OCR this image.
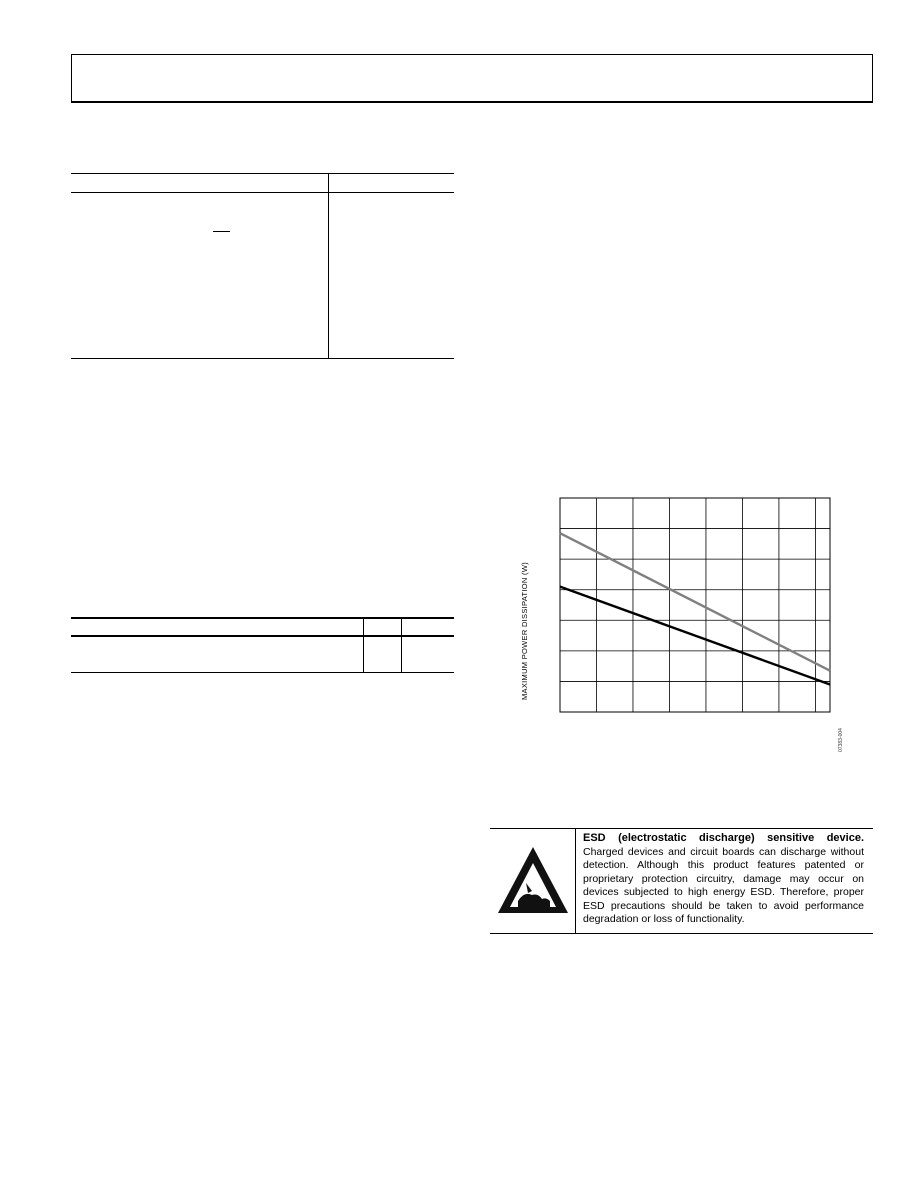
MAXIMUM POWER DISSIPATION (W)
07383-004
ESD (electrostatic discharge) sensitive device. Charged devices and circuit boards can discharge without detection. Although this product features patented or proprietary protection circuitry, damage may occur on devices subjected to high energy ESD. Therefore, proper ESD precautions should be taken to avoid performance degradation or loss of functionality.
